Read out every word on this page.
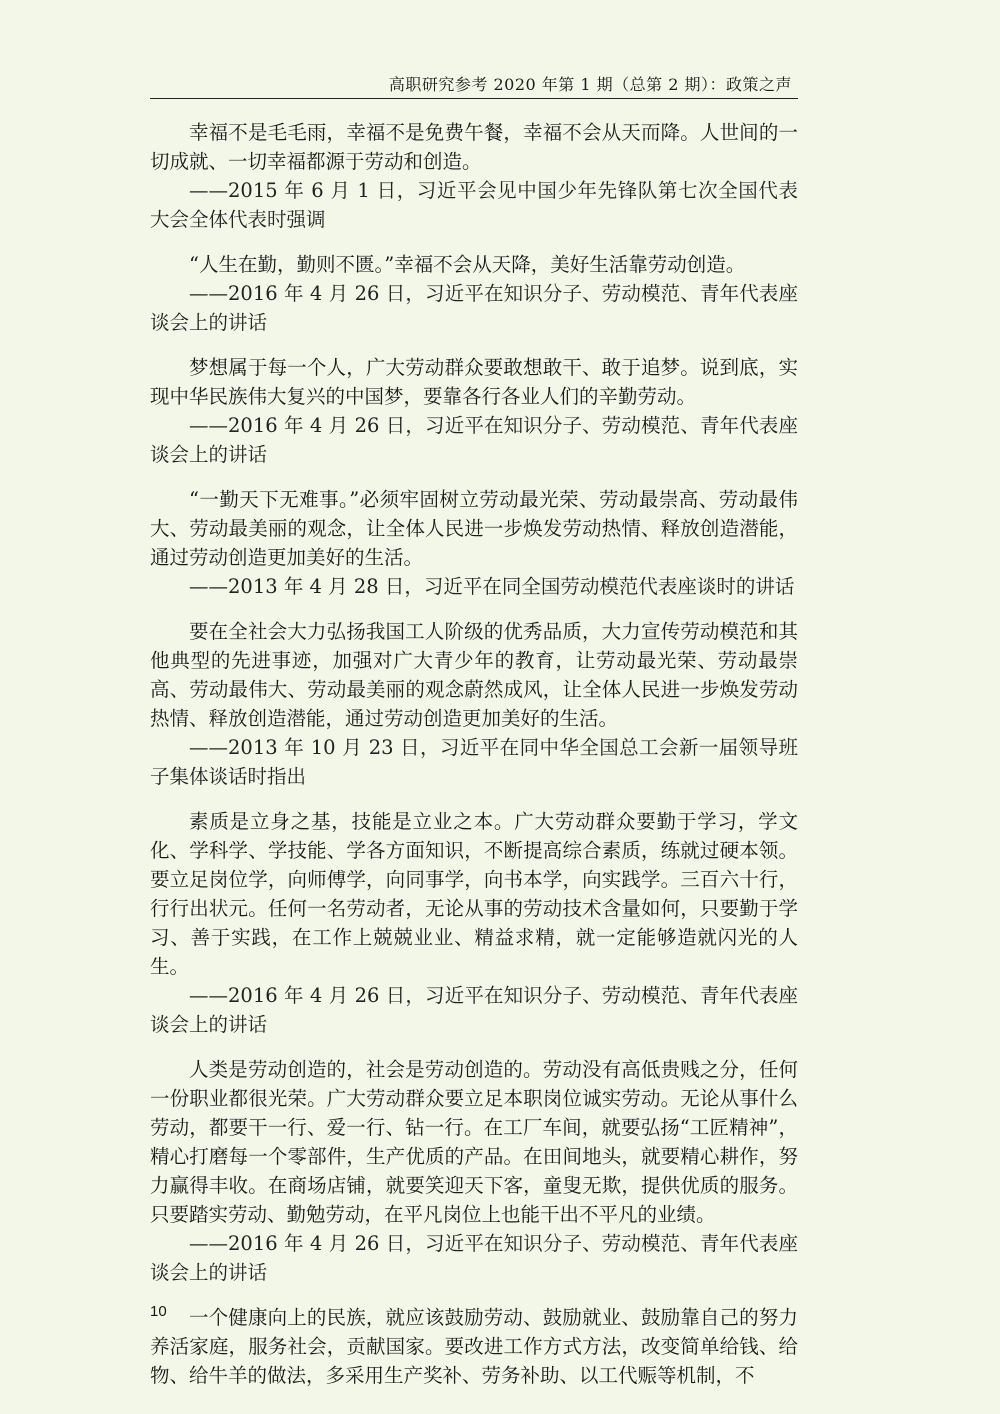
高职研究参考 2020 年第 1 期（总第 2 期）：政策之声

幸福不是毛毛雨，幸福不是免费午餐，幸福不会从天而降。人世间的一切成就、一切幸福都源于劳动和创造。

——2015 年 6 月 1 日，习近平会见中国少年先锋队第七次全国代表大会全体代表时强调

“人生在勤，勤则不匮。”幸福不会从天降，美好生活靠劳动创造。

——2016 年 4 月 26 日，习近平在知识分子、劳动模范、青年代表座谈会上的讲话

梦想属于每一个人，广大劳动群众要敢想敢干、敢于追梦。说到底，实现中华民族伟大复兴的中国梦，要靠各行各业人们的辛勤劳动。

——2016 年 4 月 26 日，习近平在知识分子、劳动模范、青年代表座谈会上的讲话

“一勤天下无难事。”必须牢固树立劳动最光荣、劳动最崇高、劳动最伟大、劳动最美丽的观念，让全体人民进一步焕发劳动热情、释放创造潜能，通过劳动创造更加美好的生活。

——2013 年 4 月 28 日，习近平在同全国劳动模范代表座谈时的讲话

要在全社会大力弘扬我国工人阶级的优秀品质，大力宣传劳动模范和其他典型的先进事迹，加强对广大青少年的教育，让劳动最光荣、劳动最崇高、劳动最伟大、劳动最美丽的观念蔚然成风，让全体人民进一步焕发劳动热情、释放创造潜能，通过劳动创造更加美好的生活。

——2013 年 10 月 23 日，习近平在同中华全国总工会新一届领导班子集体谈话时指出

素质是立身之基，技能是立业之本。广大劳动群众要勤于学习，学文化、学科学、学技能、学各方面知识，不断提高综合素质，练就过硬本领。要立足岗位学，向师傅学，向同事学，向书本学，向实践学。三百六十行，行行出状元。任何一名劳动者，无论从事的劳动技术含量如何，只要勤于学习、善于实践，在工作上兢兢业业、精益求精，就一定能够造就闪光的人生。

——2016 年 4 月 26 日，习近平在知识分子、劳动模范、青年代表座谈会上的讲话

人类是劳动创造的，社会是劳动创造的。劳动没有高低贵贱之分，任何一份职业都很光荣。广大劳动群众要立足本职岗位诚实劳动。无论从事什么劳动，都要干一行、爱一行、钻一行。在工厂车间，就要弘扬“工匠精神”，精心打磨每一个零部件，生产优质的产品。在田间地头，就要精心耕作，努力赢得丰收。在商场店铺，就要笑迎天下客，童叟无欺，提供优质的服务。只要踏实劳动、勤勉劳动，在平凡岗位上也能干出不平凡的业绩。

——2016 年 4 月 26 日，习近平在知识分子、劳动模范、青年代表座谈会上的讲话

一个健康向上的民族，就应该鼓励劳动、鼓励就业、鼓励靠自己的努力养活家庭，服务社会，贡献国家。要改进工作方式方法，改变简单给钱、给物、给牛羊的做法，多采用生产奖补、劳务补助、以工代赈等机制，不

10
